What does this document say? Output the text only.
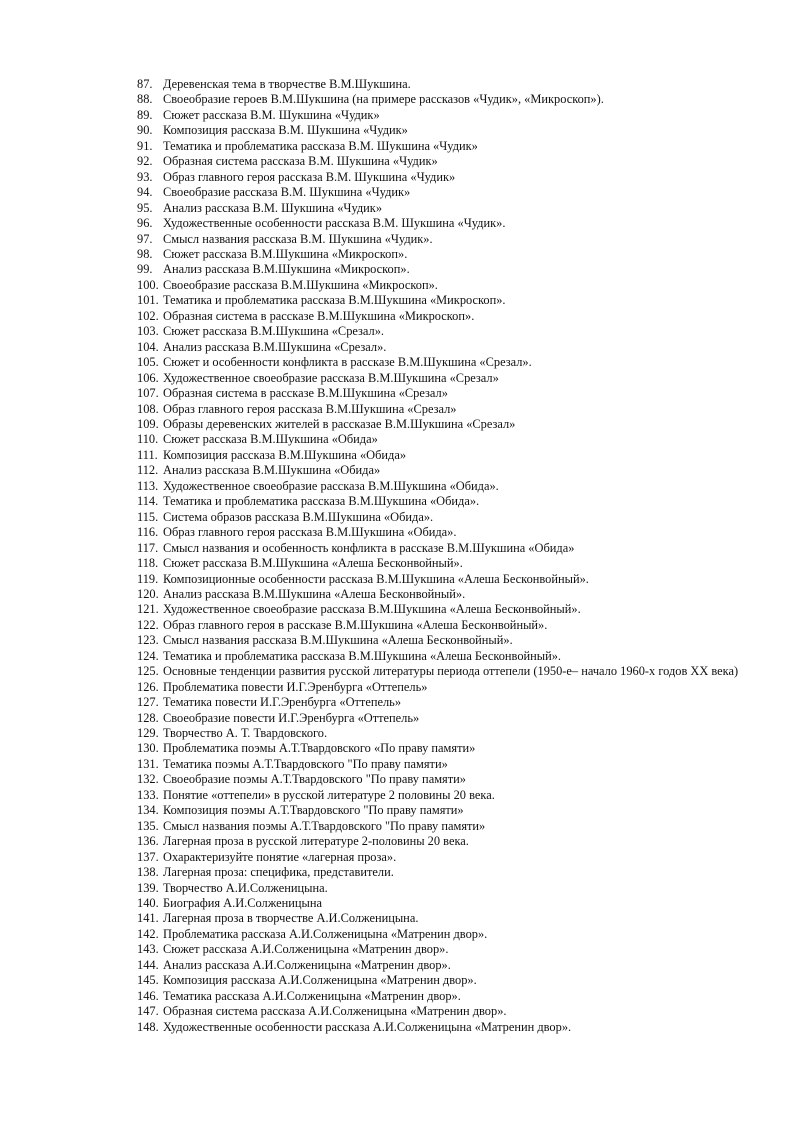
87. Деревенская тема в творчестве В.М.Шукшина.
88. Своеобразие героев В.М.Шукшина (на примере рассказов «Чудик», «Микроскоп»).
89. Сюжет рассказа В.М. Шукшина «Чудик»
90. Композиция рассказа В.М. Шукшина «Чудик»
91. Тематика и проблематика рассказа В.М. Шукшина «Чудик»
92. Образная система рассказа В.М. Шукшина «Чудик»
93. Образ главного героя рассказа В.М. Шукшина «Чудик»
94. Своеобразие рассказа В.М. Шукшина «Чудик»
95. Анализ рассказа В.М. Шукшина «Чудик»
96. Художественные особенности рассказа В.М. Шукшина «Чудик».
97. Смысл названия рассказа В.М. Шукшина «Чудик».
98. Сюжет рассказа В.М.Шукшина «Микроскоп».
99. Анализ рассказа В.М.Шукшина «Микроскоп».
100. Своеобразие рассказа В.М.Шукшина «Микроскоп».
101. Тематика и проблематика рассказа В.М.Шукшина «Микроскоп».
102. Образная система в рассказе В.М.Шукшина «Микроскоп».
103. Сюжет рассказа В.М.Шукшина «Срезал».
104. Анализ рассказа В.М.Шукшина «Срезал».
105. Сюжет и особенности конфликта в рассказе В.М.Шукшина «Срезал».
106. Художественное своеобразие рассказа В.М.Шукшина «Срезал»
107. Образная система в рассказе В.М.Шукшина «Срезал»
108. Образ главного героя рассказа В.М.Шукшина «Срезал»
109. Образы деревенских жителей в рассказае В.М.Шукшина «Срезал»
110. Сюжет рассказа В.М.Шукшина «Обида»
111. Композиция рассказа В.М.Шукшина «Обида»
112. Анализ рассказа В.М.Шукшина «Обида»
113. Художественное своеобразие рассказа В.М.Шукшина «Обида».
114. Тематика и проблематика рассказа В.М.Шукшина «Обида».
115. Система образов рассказа В.М.Шукшина «Обида».
116. Образ главного героя рассказа В.М.Шукшина «Обида».
117. Смысл названия и особенность конфликта в рассказе В.М.Шукшина «Обида»
118. Сюжет рассказа В.М.Шукшина «Алеша Бесконвойный».
119. Композиционные особенности рассказа В.М.Шукшина «Алеша Бесконвойный».
120. Анализ рассказа В.М.Шукшина «Алеша Бесконвойный».
121. Художественное своеобразие рассказа В.М.Шукшина «Алеша Бесконвойный».
122. Образ главного героя в рассказе В.М.Шукшина «Алеша Бесконвойный».
123. Смысл названия рассказа В.М.Шукшина «Алеша Бесконвойный».
124. Тематика и проблематика рассказа В.М.Шукшина «Алеша Бесконвойный».
125. Основные тенденции развития русской литературы периода оттепели (1950-е– начало 1960-х годов XX века)
126. Проблематика повести И.Г.Эренбурга «Оттепель»
127. Тематика повести И.Г.Эренбурга «Оттепель»
128. Своеобразие повести И.Г.Эренбурга «Оттепель»
129. Творчество А. Т. Твардовского.
130. Проблематика поэмы А.Т.Твардовского «По праву памяти»
131. Тематика поэмы А.Т.Твардовского "По праву памяти»
132. Своеобразие поэмы А.Т.Твардовского "По праву памяти»
133. Понятие «оттепели» в русской литературе 2 половины 20 века.
134. Композиция поэмы А.Т.Твардовского "По праву памяти»
135. Смысл названия поэмы А.Т.Твардовского "По праву памяти»
136. Лагерная проза в русской литературе 2-половины 20 века.
137. Охарактеризуйте понятие «лагерная проза».
138. Лагерная проза: специфика, представители.
139. Творчество А.И.Солженицына.
140. Биография А.И.Солженицына
141. Лагерная проза в творчестве А.И.Солженицына.
142. Проблематика рассказа А.И.Солженицына «Матренин двор».
143. Сюжет рассказа А.И.Солженицына «Матренин двор».
144. Анализ рассказа А.И.Солженицына «Матренин двор».
145. Композиция рассказа А.И.Солженицына «Матренин двор».
146. Тематика рассказа А.И.Солженицына «Матренин двор».
147. Образная система рассказа А.И.Солженицына «Матренин двор».
148. Художественные особенности рассказа А.И.Солженицына «Матренин двор».
